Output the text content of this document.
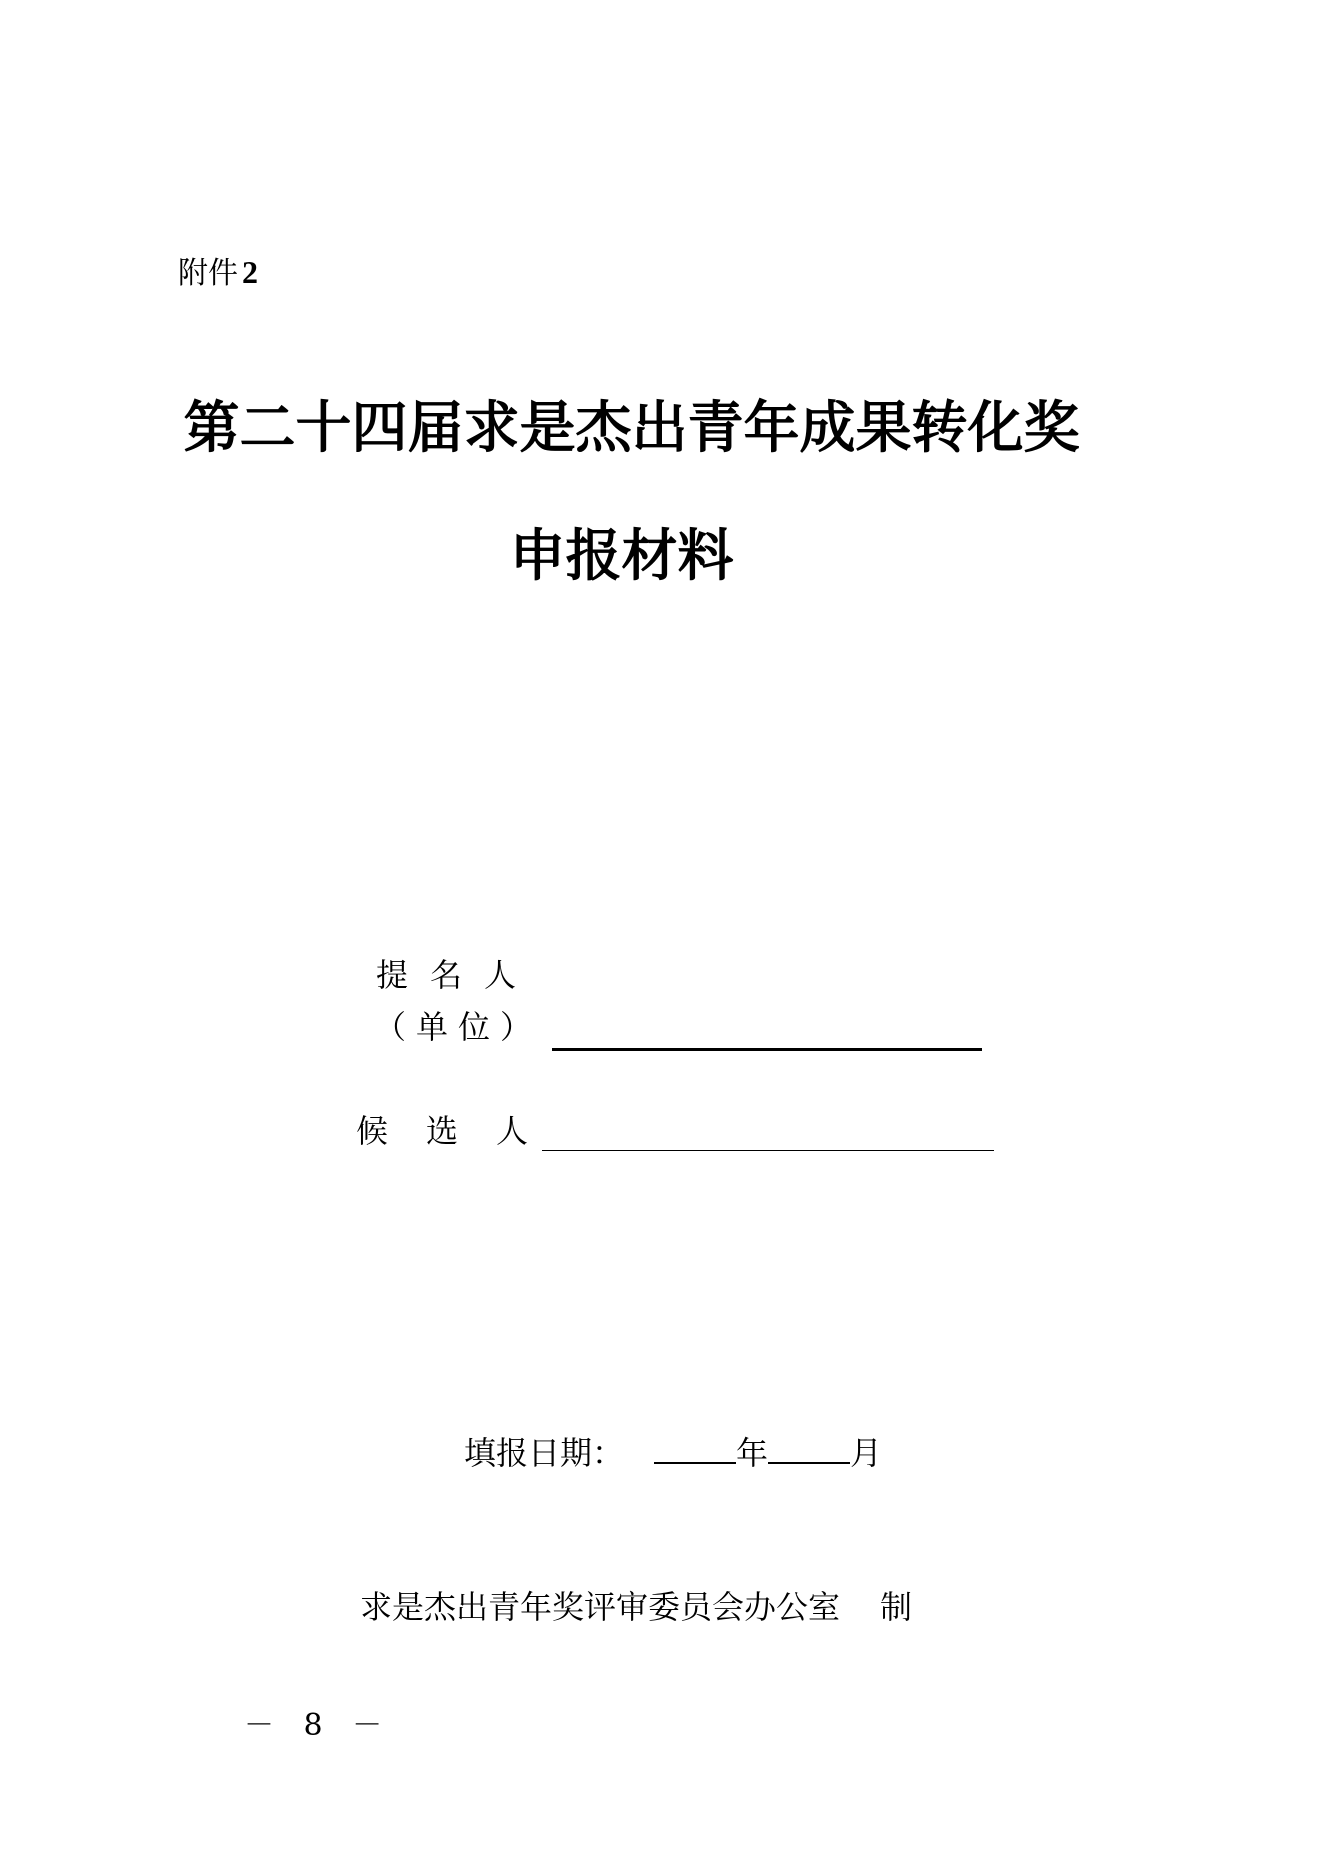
附件 2
第二十四届求是杰出青年成果转化奖
申报材料
提名人
（单位）
候 选 人
填报日期：	年	月
求是杰出青年奖评审委员会办公室 制
－ 8 －
